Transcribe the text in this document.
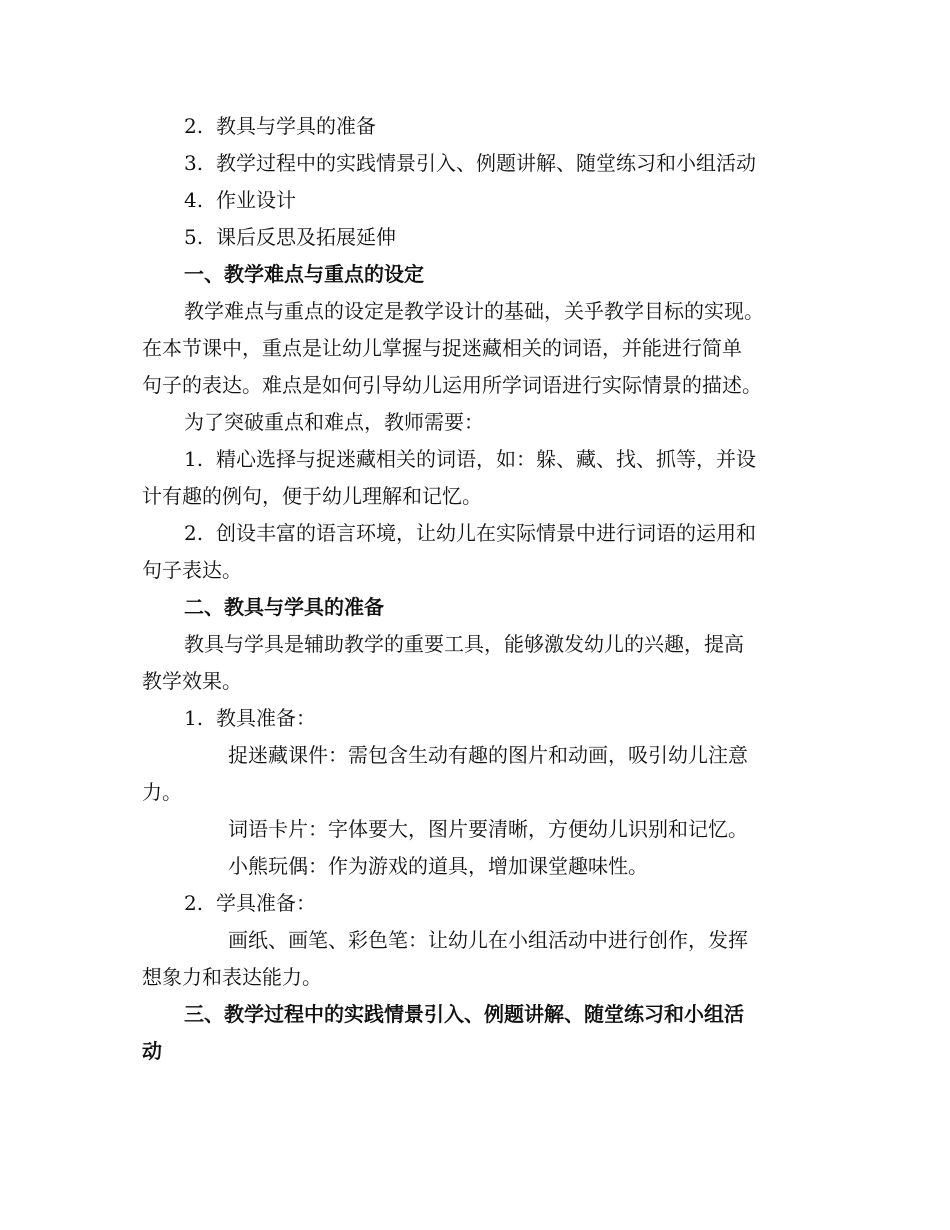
2. 教具与学具的准备
3. 教学过程中的实践情景引入、例题讲解、随堂练习和小组活动
4. 作业设计
5. 课后反思及拓展延伸
一、教学难点与重点的设定
教学难点与重点的设定是教学设计的基础，关乎教学目标的实现。
在本节课中，重点是让幼儿掌握与捉迷藏相关的词语，并能进行简单
句子的表达。难点是如何引导幼儿运用所学词语进行实际情景的描述。
为了突破重点和难点，教师需要：
1. 精心选择与捉迷藏相关的词语，如：躲、藏、找、抓等，并设
计有趣的例句，便于幼儿理解和记忆。
2. 创设丰富的语言环境，让幼儿在实际情景中进行词语的运用和
句子表达。
二、教具与学具的准备
教具与学具是辅助教学的重要工具，能够激发幼儿的兴趣，提高
教学效果。
1. 教具准备：
捉迷藏课件：需包含生动有趣的图片和动画，吸引幼儿注意
力。
词语卡片：字体要大，图片要清晰，方便幼儿识别和记忆。
小熊玩偶：作为游戏的道具，增加课堂趣味性。
2. 学具准备：
画纸、画笔、彩色笔：让幼儿在小组活动中进行创作，发挥
想象力和表达能力。
三、教学过程中的实践情景引入、例题讲解、随堂练习和小组活
动
